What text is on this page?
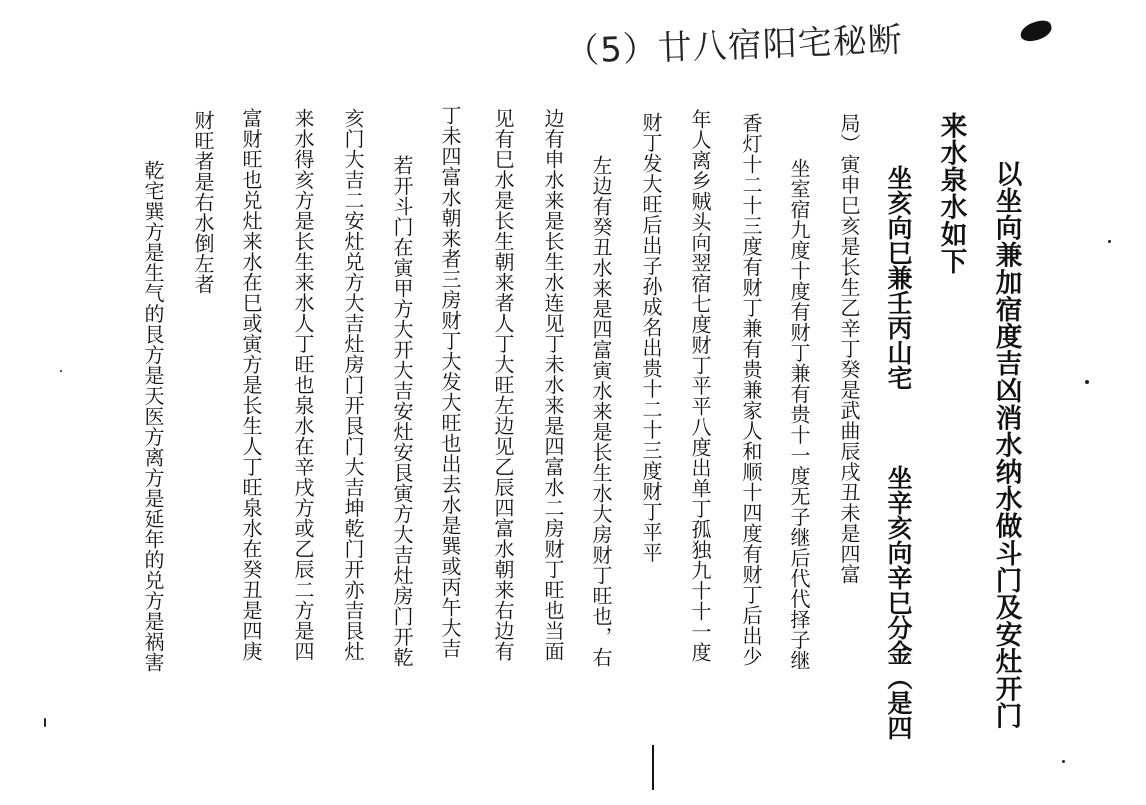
（5）廿八宿阳宅秘断
以坐向兼加宿度吉凶消水纳水做斗门及安灶开门
来水泉水如下
坐亥向巳兼壬丙山宅
坐辛亥向辛巳分金（是四
局）寅申巳亥是长生乙辛丁癸是武曲辰戌丑未是四富
坐室宿九度十度有财丁兼有贵十一度无子继后代代择子继
香灯十二十三度有财丁兼有贵兼家人和顺十四度有财丁后出少
年人离乡贼头向翌宿七度财丁平平八度出单丁孤独九十十一度
财丁发大旺后出子孙成名出贵十二十三度财丁平平
左边有癸丑水来是四富寅水来是长生水大房财丁旺也，右
边有申水来是长生水连见丁未水来是四富水二房财丁旺也当面
见有巳水是长生朝来者人丁大旺左边见乙辰四富水朝来右边有
丁未四富水朝来者三房财丁大发大旺也出去水是巽或丙午大吉
若开斗门在寅甲方大开大吉安灶安艮寅方大吉灶房门开乾
亥门大吉二安灶兑方大吉灶房门开艮门大吉坤乾门开亦吉艮灶
来水得亥方是长生来水人丁旺也泉水在辛戌方或乙辰二方是四
富财旺也兑灶来水在巳或寅方是长生人丁旺泉水在癸丑是四庚
财旺者是右水倒左者
乾宅巽方是生气的艮方是天医方离方是延年的兑方是祸害
